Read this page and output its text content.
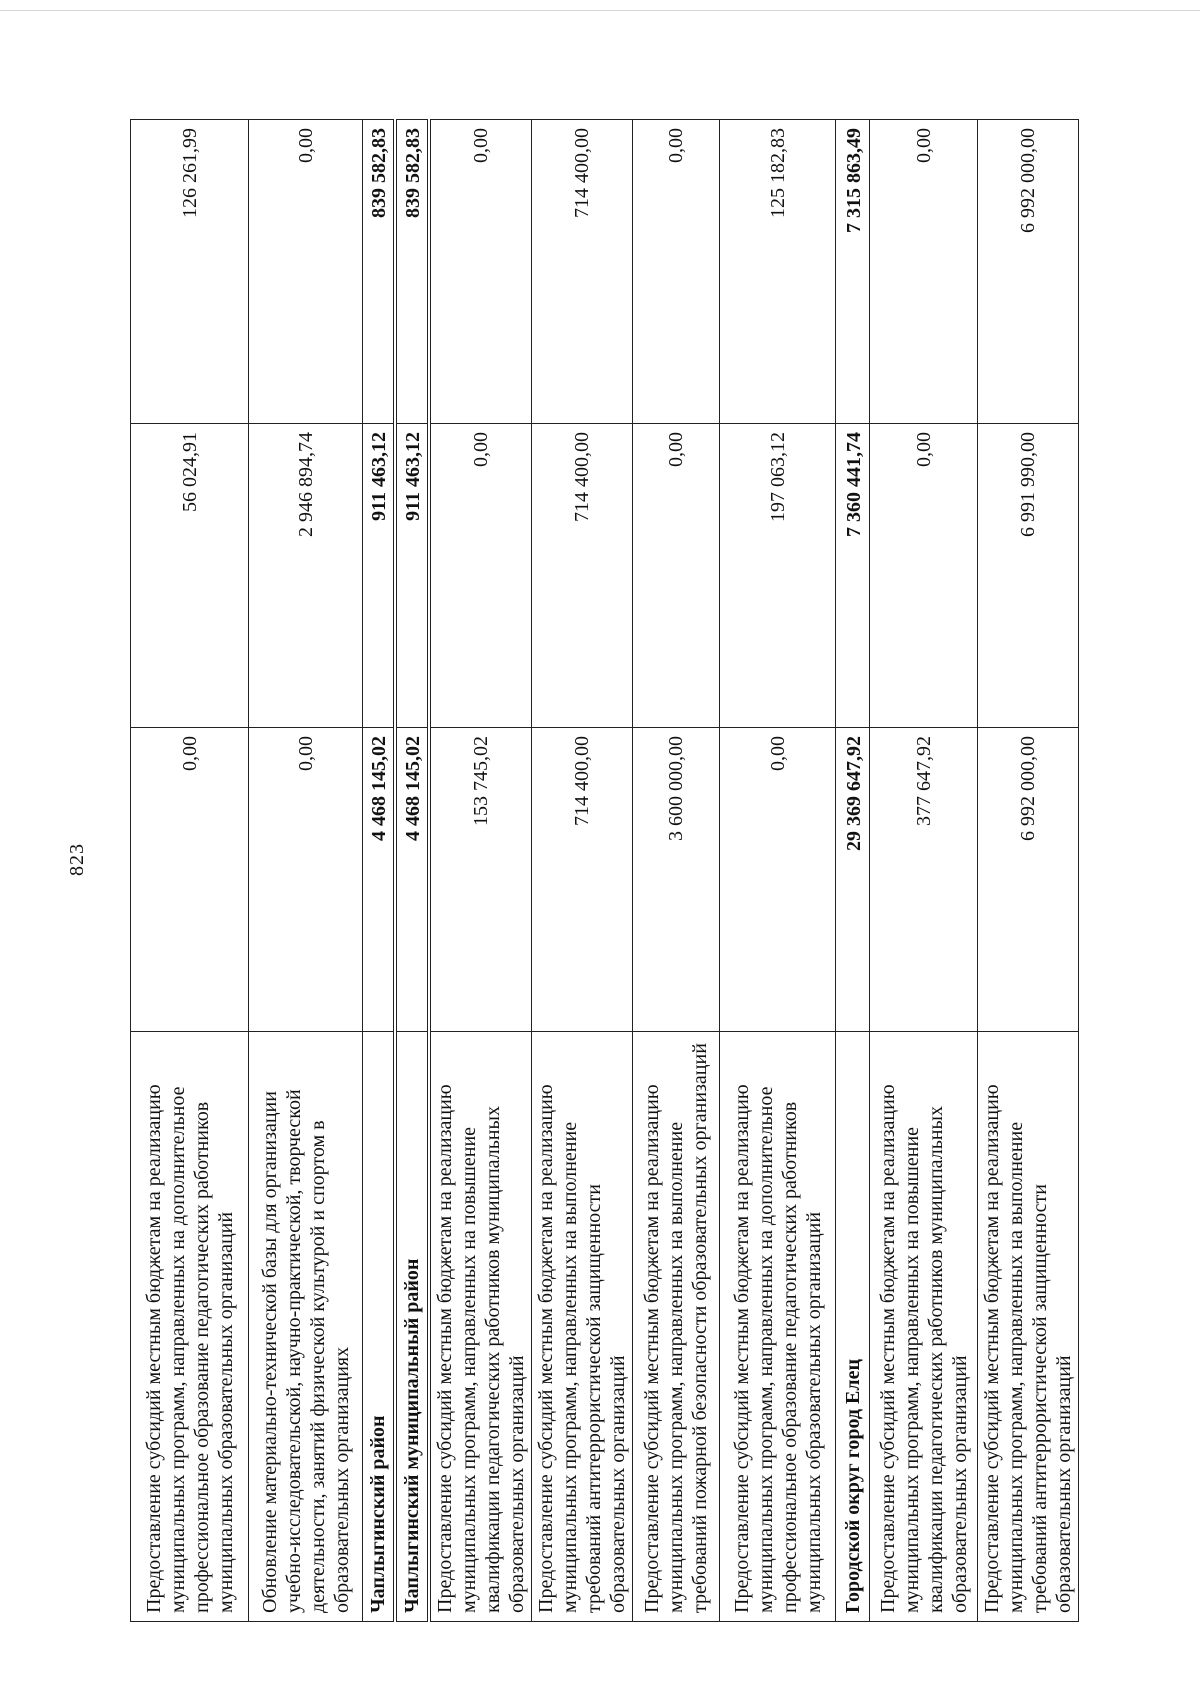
823
Предоставление субсидий местным бюджетам на реализацию муниципальных программ, направленных на дополнительное профессиональное образование педагогических работников муниципальных образовательных организаций	0,00	56 024,91	126 261,99
Обновление материально-технической базы для организации учебно-исследовательской, научно-практической, творческой деятельности, занятий физической культурой и спортом в образовательных организациях	0,00	2 946 894,74	0,00
Чаплыгинский район	4 468 145,02	911 463,12	839 582,83
Чаплыгинский муниципальный район	4 468 145,02	911 463,12	839 582,83
Предоставление субсидий местным бюджетам на реализацию муниципальных программ, направленных на повышение квалификации педагогических работников муниципальных образовательных организаций	153 745,02	0,00	0,00
Предоставление субсидий местным бюджетам на реализацию муниципальных программ, направленных на выполнение требований антитеррористической защищенности образовательных организаций	714 400,00	714 400,00	714 400,00
Предоставление субсидий местным бюджетам на реализацию муниципальных программ, направленных на выполнение требований пожарной безопасности образовательных организаций	3 600 000,00	0,00	0,00
Предоставление субсидий местным бюджетам на реализацию муниципальных программ, направленных на дополнительное профессиональное образование педагогических работников муниципальных образовательных организаций	0,00	197 063,12	125 182,83
Городской округ город Елец	29 369 647,92	7 360 441,74	7 315 863,49
Предоставление субсидий местным бюджетам на реализацию муниципальных программ, направленных на повышение квалификации педагогических работников муниципальных образовательных организаций	377 647,92	0,00	0,00
Предоставление субсидий местным бюджетам на реализацию муниципальных программ, направленных на выполнение требований антитеррористической защищенности образовательных организаций	6 992 000,00	6 991 990,00	6 992 000,00
